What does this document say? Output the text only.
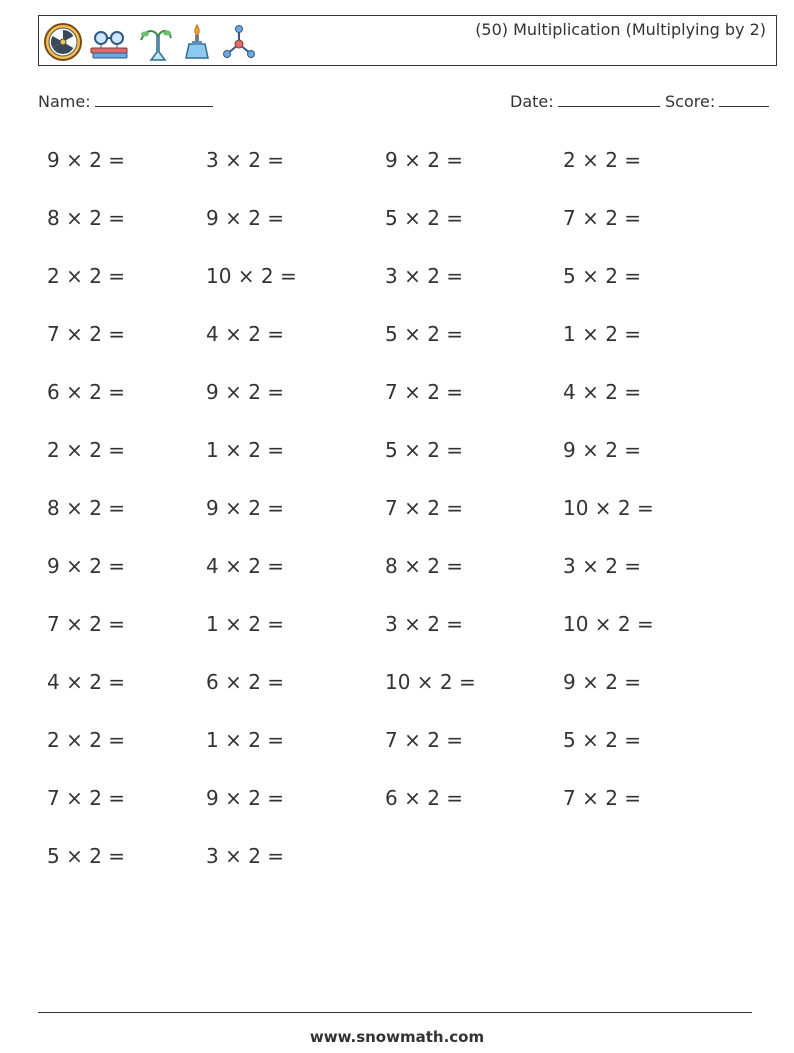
(50) Multiplication (Multiplying by 2)
Name:	Date:	Score:
9 × 2 =	3 × 2 =	9 × 2 =	2 × 2 =
8 × 2 =	9 × 2 =	5 × 2 =	7 × 2 =
2 × 2 =	10 × 2 =	3 × 2 =	5 × 2 =
7 × 2 =	4 × 2 =	5 × 2 =	1 × 2 =
6 × 2 =	9 × 2 =	7 × 2 =	4 × 2 =
2 × 2 =	1 × 2 =	5 × 2 =	9 × 2 =
8 × 2 =	9 × 2 =	7 × 2 =	10 × 2 =
9 × 2 =	4 × 2 =	8 × 2 =	3 × 2 =
7 × 2 =	1 × 2 =	3 × 2 =	10 × 2 =
4 × 2 =	6 × 2 =	10 × 2 =	9 × 2 =
2 × 2 =	1 × 2 =	7 × 2 =	5 × 2 =
7 × 2 =	9 × 2 =	6 × 2 =	7 × 2 =
5 × 2 =	3 × 2 =
www.snowmath.com
